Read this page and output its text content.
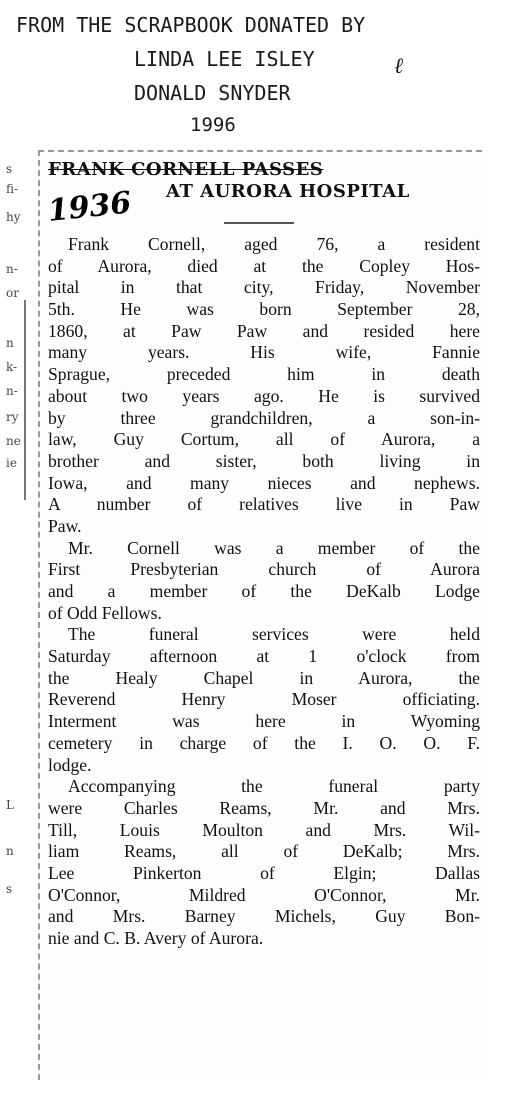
FROM THE SCRAPBOOK DONATED BY
LINDA LEE ISLEY	ℓ
DONALD SNYDER
1996
s
fi-
hy
n-
or
n
k-
n-
ry
ne
ie
L
n
s
FRANK CORNELL PASSES
AT AURORA HOSPITAL
1936
Frank Cornell, aged 76, a resident
of Aurora, died at the Copley Hos-
pital in that city, Friday, November
5th. He was born September 28,
1860, at Paw Paw and resided here
many years. His wife, Fannie
Sprague, preceded him in death
about two years ago. He is survived
by three grandchildren, a son-in-
law, Guy Cortum, all of Aurora, a
brother and sister, both living in
Iowa, and many nieces and nephews.
A number of relatives live in Paw
Paw.
Mr. Cornell was a member of the
First Presbyterian church of Aurora
and a member of the DeKalb Lodge
of Odd Fellows.
The funeral services were held
Saturday afternoon at 1 o'clock from
the Healy Chapel in Aurora, the
Reverend Henry Moser officiating.
Interment was here in Wyoming
cemetery in charge of the I. O. O. F.
lodge.
Accompanying the funeral party
were Charles Reams, Mr. and Mrs.
Till, Louis Moulton and Mrs. Wil-
liam Reams, all of DeKalb; Mrs.
Lee Pinkerton of Elgin; Dallas
O'Connor, Mildred O'Connor, Mr.
and Mrs. Barney Michels, Guy Bon-
nie and C. B. Avery of Aurora.
